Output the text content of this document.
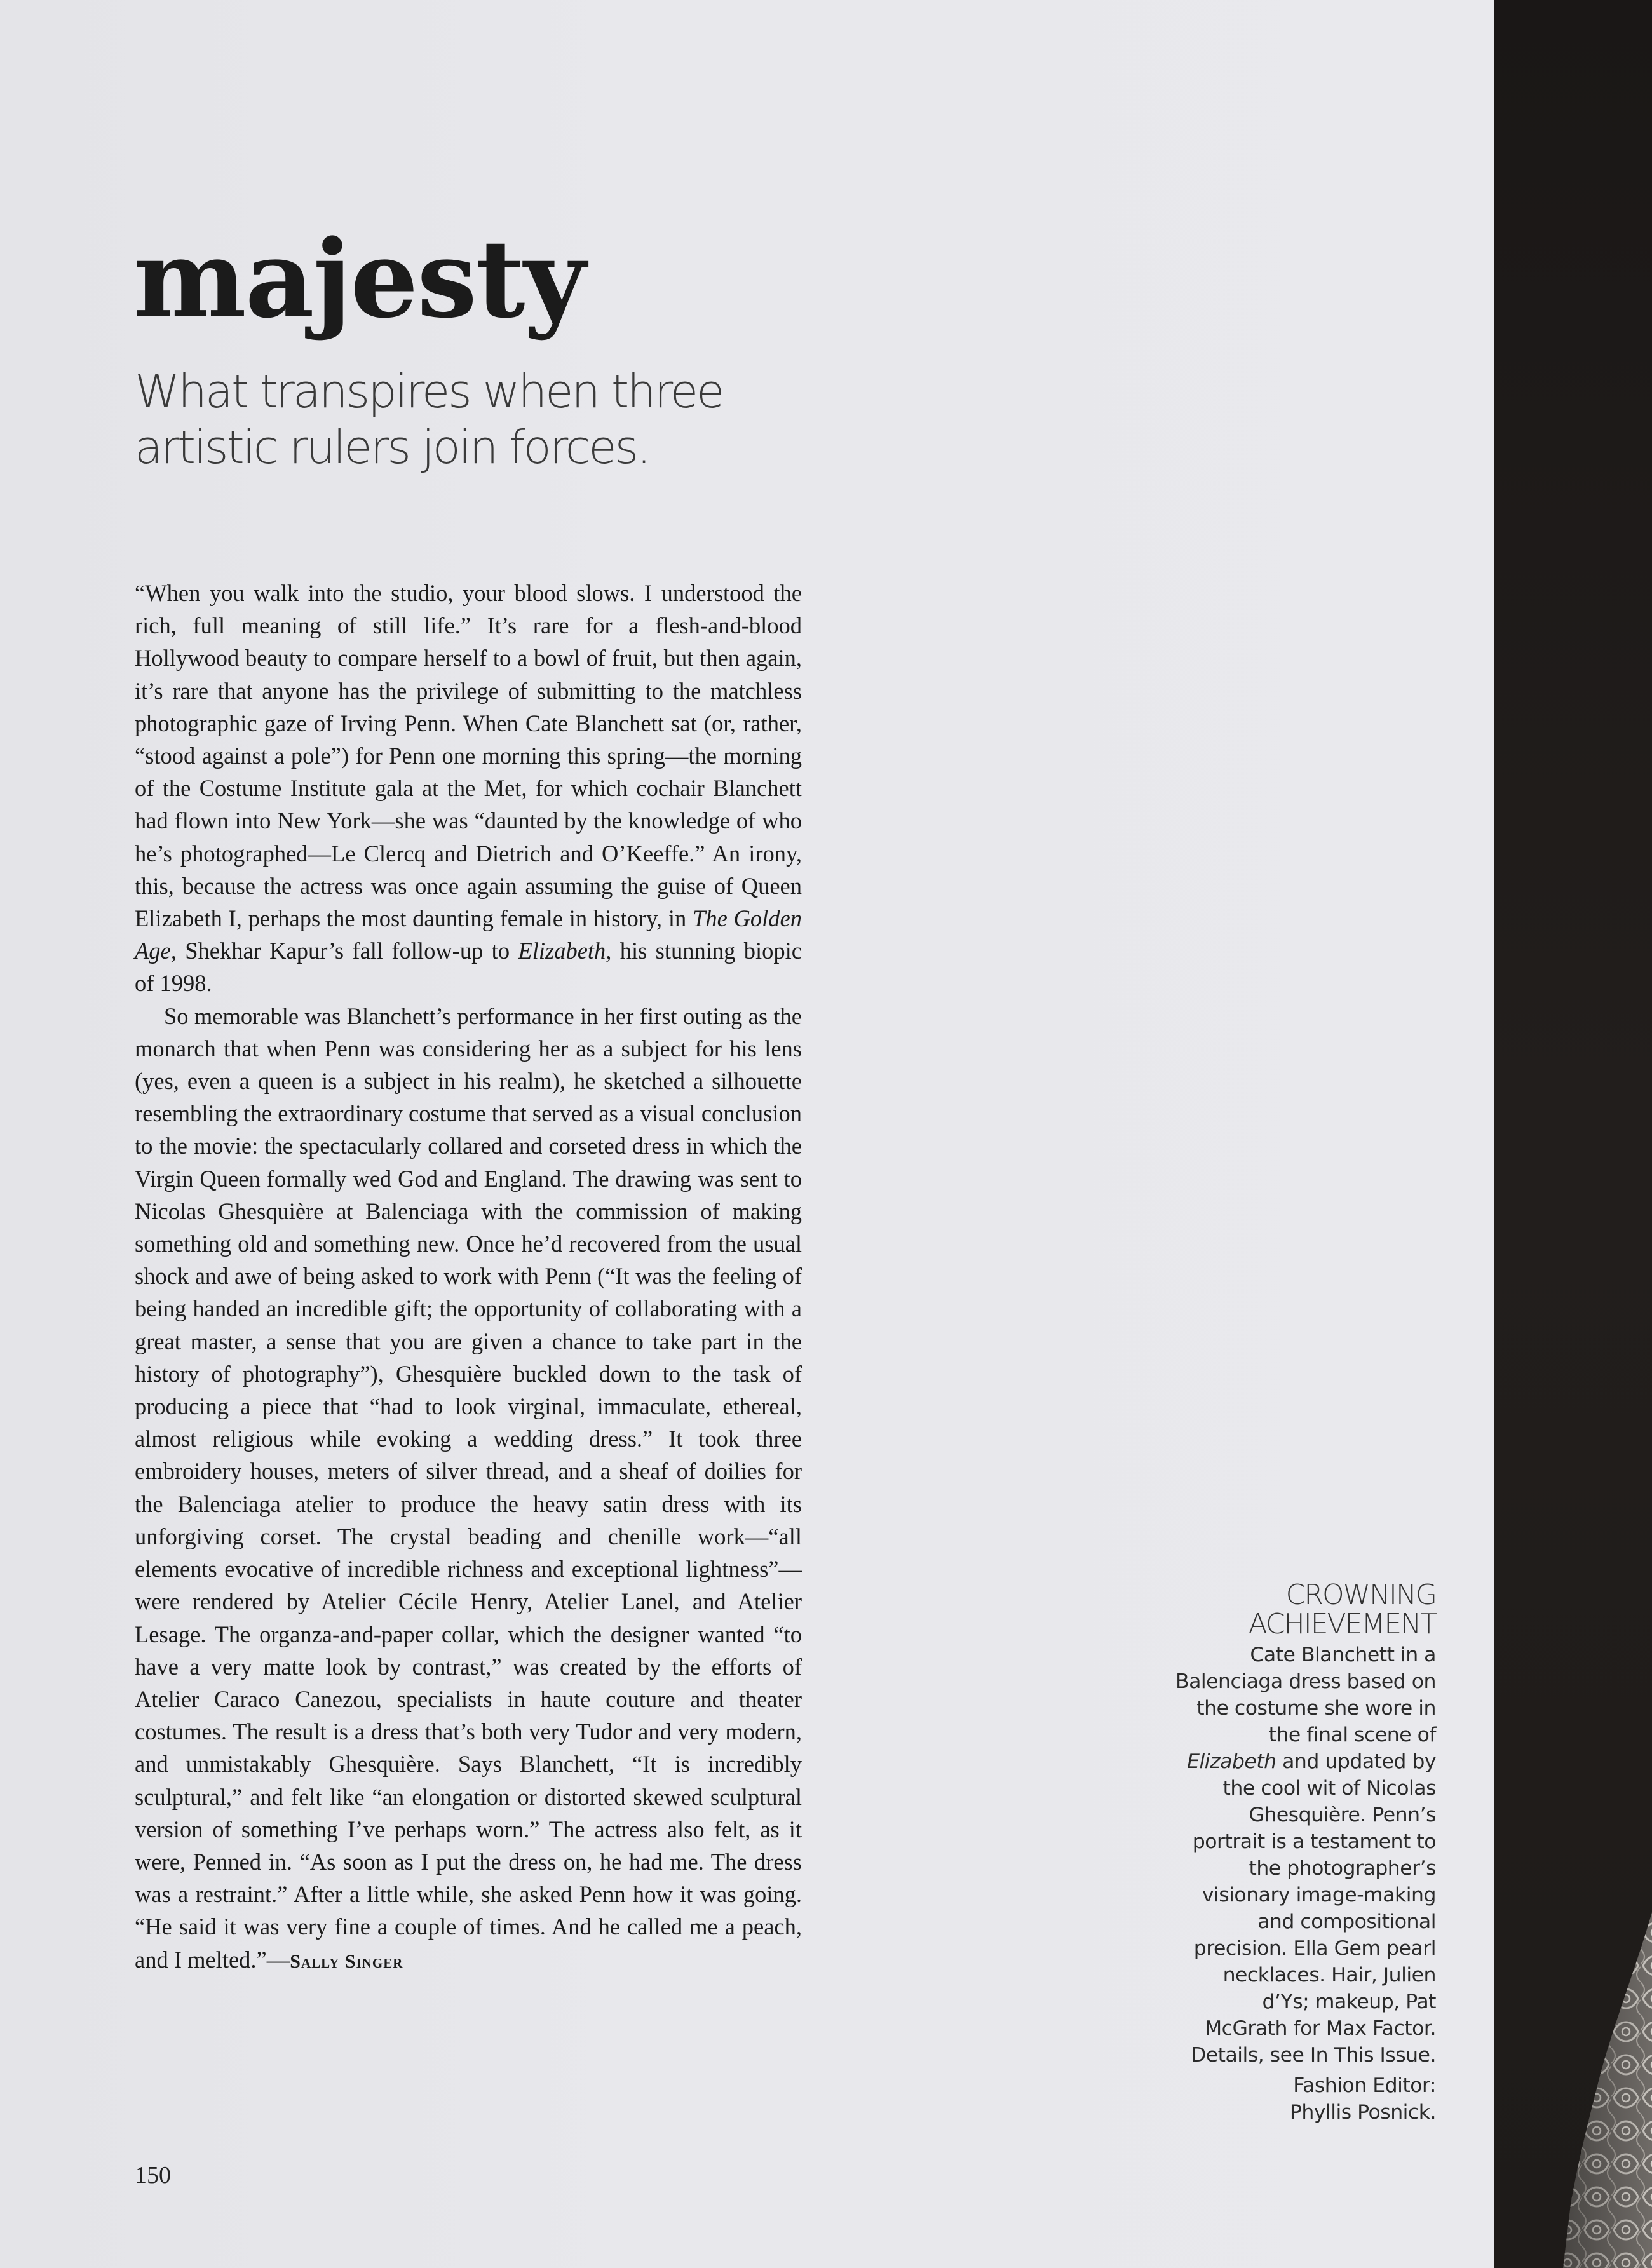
majesty

What transpires when three
artistic rulers join forces.

“When you walk into the studio, your blood slows. I understood the rich, full meaning of still life.” It’s rare for a flesh-and-blood Hollywood beauty to compare herself to a bowl of fruit, but then again, it’s rare that anyone has the privilege of submitting to the matchless photographic gaze of Irving Penn. When Cate Blanchett sat (or, rather, “stood against a pole”) for Penn one morning this spring—the morning of the Costume Institute gala at the Met, for which cochair Blanchett had flown into New York—she was “daunted by the knowledge of who he’s photographed—Le Clercq and Dietrich and O’Keeffe.” An irony, this, because the actress was once again assuming the guise of Queen Elizabeth I, perhaps the most daunting female in history, in The Golden Age, Shekhar Kapur’s fall follow-up to Elizabeth, his stunning biopic of 1998.

So memorable was Blanchett’s performance in her first outing as the monarch that when Penn was considering her as a subject for his lens (yes, even a queen is a subject in his realm), he sketched a silhouette resembling the extraordinary costume that served as a visual conclusion to the movie: the spectacularly collared and corseted dress in which the Virgin Queen formally wed God and England. The drawing was sent to Nicolas Ghesquière at Balenciaga with the commission of making something old and something new. Once he’d recovered from the usual shock and awe of being asked to work with Penn (“It was the feeling of being handed an incredible gift; the opportunity of collaborating with a great master, a sense that you are given a chance to take part in the history of photography”), Ghesquière buckled down to the task of producing a piece that “had to look virginal, immaculate, ethereal, almost religious while evoking a wedding dress.” It took three embroidery houses, meters of silver thread, and a sheaf of doilies for the Balenciaga atelier to produce the heavy satin dress with its unforgiving corset. The crystal beading and chenille work—“all elements evocative of incredible richness and exceptional lightness”—were rendered by Atelier Cécile Henry, Atelier Lanel, and Atelier Lesage. The organza-and-paper collar, which the designer wanted “to have a very matte look by contrast,” was created by the efforts of Atelier Caraco Canezou, specialists in haute couture and theater costumes. The result is a dress that’s both very Tudor and very modern, and unmistakably Ghesquière. Says Blanchett, “It is incredibly sculptural,” and felt like “an elongation or distorted skewed sculptural version of something I’ve perhaps worn.” The actress also felt, as it were, Penned in. “As soon as I put the dress on, he had me. The dress was a restraint.” After a little while, she asked Penn how it was going. “He said it was very fine a couple of times. And he called me a peach, and I melted.”—Sally Singer

150

CROWNING
ACHIEVEMENT

Cate Blanchett in a Balenciaga dress based on the costume she wore in the final scene of Elizabeth and updated by the cool wit of Nicolas Ghesquière. Penn’s portrait is a testament to the photographer’s visionary image-making and compositional precision. Ella Gem pearl necklaces. Hair, Julien d’Ys; makeup, Pat McGrath for Max Factor. Details, see In This Issue.

Fashion Editor:
Phyllis Posnick.
